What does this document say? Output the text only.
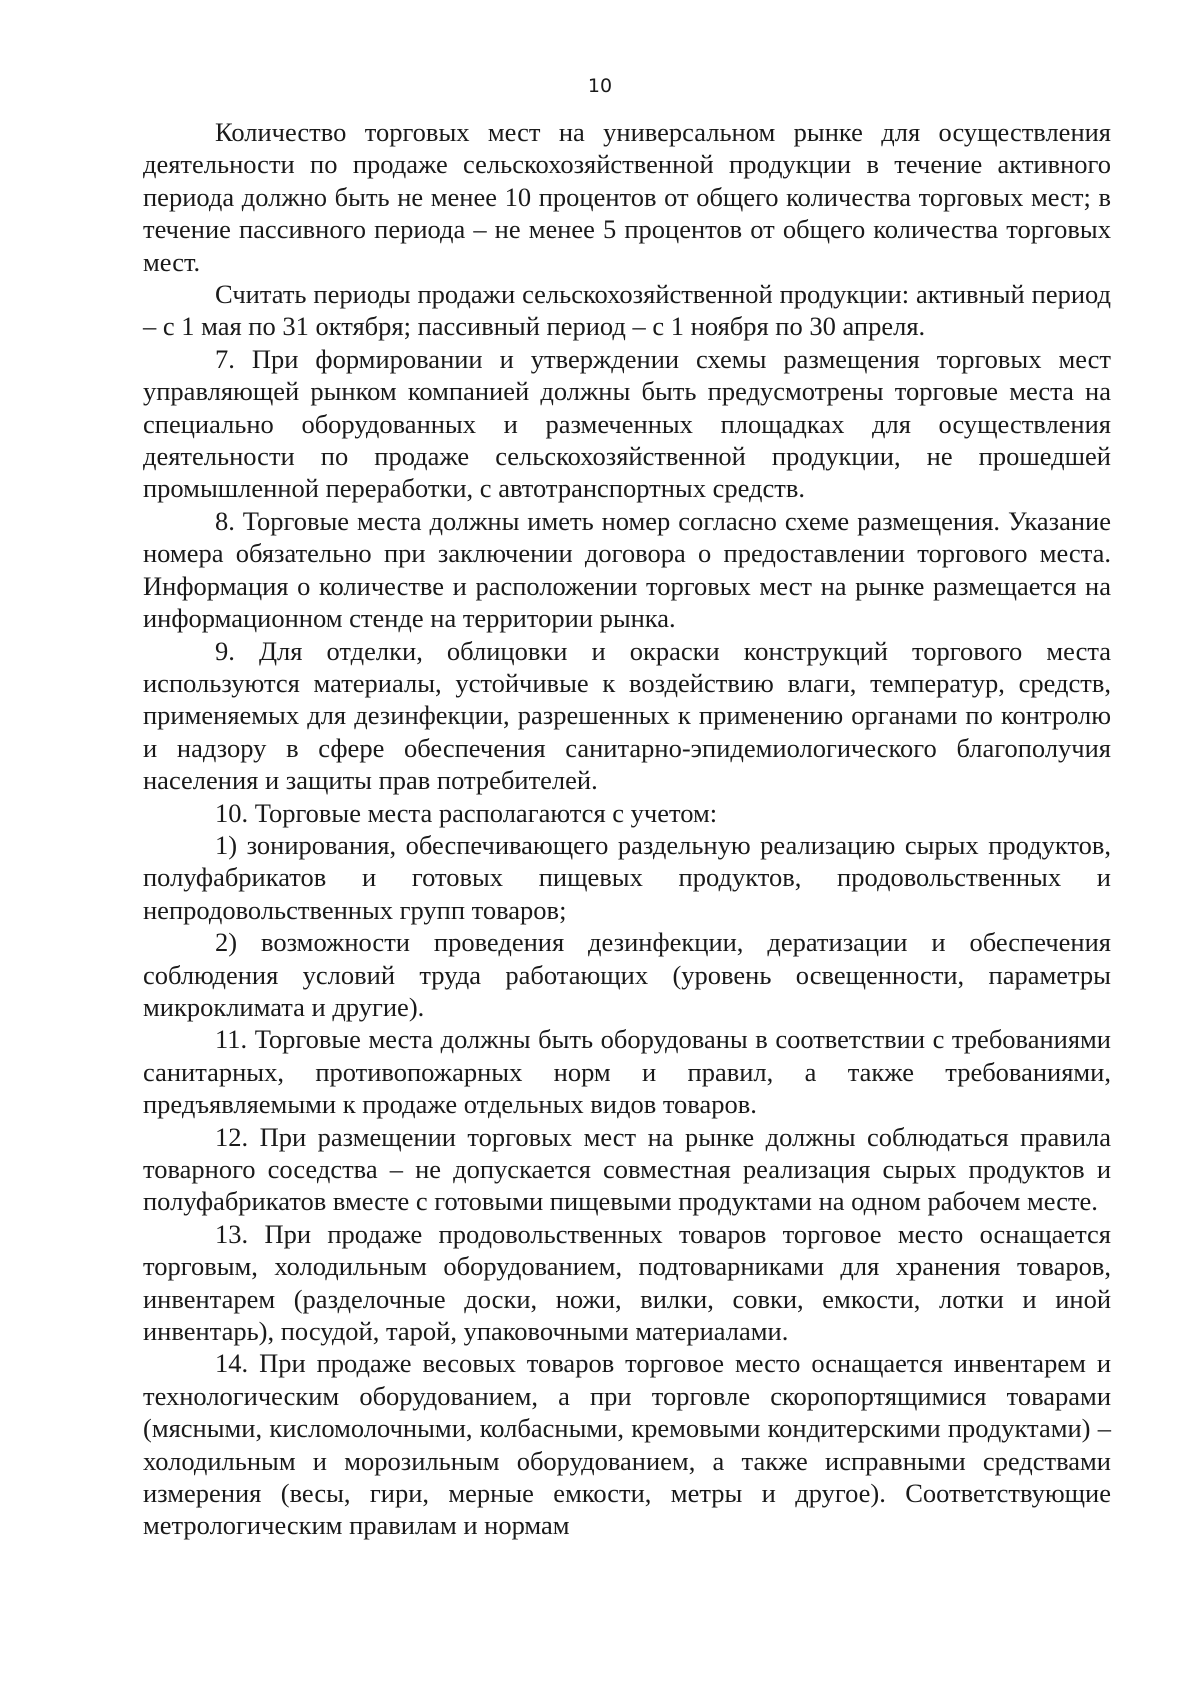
10

Количество торговых мест на универсальном рынке для осуществления деятельности по продаже сельскохозяйственной продукции в течение активного периода должно быть не менее 10 процентов от общего количества торговых мест; в течение пассивного периода – не менее 5 процентов от общего количества торговых мест.

Считать периоды продажи сельскохозяйственной продукции: активный период – с 1 мая по 31 октября; пассивный период – с 1 ноября по 30 апреля.

7. При формировании и утверждении схемы размещения торговых мест управляющей рынком компанией должны быть предусмотрены торговые места на специально оборудованных и размеченных площадках для осуществления деятельности по продаже сельскохозяйственной продукции, не прошедшей промышленной переработки, с автотранспортных средств.

8. Торговые места должны иметь номер согласно схеме размещения. Указание номера обязательно при заключении договора о предоставлении торгового места. Информация о количестве и расположении торговых мест на рынке размещается на информационном стенде на территории рынка.

9. Для отделки, облицовки и окраски конструкций торгового места используются материалы, устойчивые к воздействию влаги, температур, средств, применяемых для дезинфекции, разрешенных к применению органами по контролю и надзору в сфере обеспечения санитарно-эпидемиологического благополучия населения и защиты прав потребителей.

10. Торговые места располагаются с учетом:

1) зонирования, обеспечивающего раздельную реализацию сырых продуктов, полуфабрикатов и готовых пищевых продуктов, продовольственных и непродовольственных групп товаров;

2) возможности проведения дезинфекции, дератизации и обеспечения соблюдения условий труда работающих (уровень освещенности, параметры микроклимата и другие).

11. Торговые места должны быть оборудованы в соответствии с требованиями санитарных, противопожарных норм и правил, а также требованиями, предъявляемыми к продаже отдельных видов товаров.

12. При размещении торговых мест на рынке должны соблюдаться правила товарного соседства – не допускается совместная реализация сырых продуктов и полуфабрикатов вместе с готовыми пищевыми продуктами на одном рабочем месте.

13. При продаже продовольственных товаров торговое место оснащается торговым, холодильным оборудованием, подтоварниками для хранения товаров, инвентарем (разделочные доски, ножи, вилки, совки, емкости, лотки и иной инвентарь), посудой, тарой, упаковочными материалами.

14. При продаже весовых товаров торговое место оснащается инвентарем и технологическим оборудованием, а при торговле скоропортящимися товарами (мясными, кисломолочными, колбасными, кремовыми кондитерскими продуктами) – холодильным и морозильным оборудованием, а также исправными средствами измерения (весы, гири, мерные емкости, метры и другое). Соответствующие метрологическим правилам и нормам
